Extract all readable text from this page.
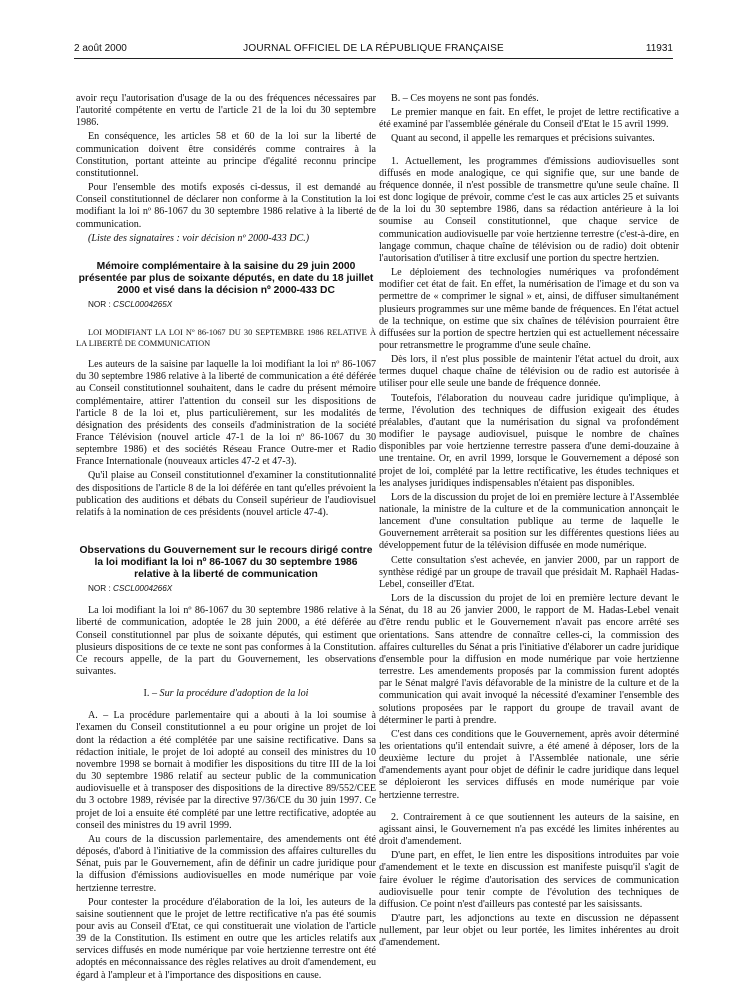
2 août 2000	JOURNAL OFFICIEL DE LA RÉPUBLIQUE FRANÇAISE	11931

avoir reçu l'autorisation d'usage de la ou des fréquences nécessaires par l'autorité compétente en vertu de l'article 21 de la loi du 30 septembre 1986.

En conséquence, les articles 58 et 60 de la loi sur la liberté de communication doivent être considérés comme contraires à la Constitution, portant atteinte au principe d'égalité reconnu principe constitutionnel.

Pour l'ensemble des motifs exposés ci-dessus, il est demandé au Conseil constitutionnel de déclarer non conforme à la Constitution la loi modifiant la loi nº 86-1067 du 30 septembre 1986 relative à la liberté de communication.

(Liste des signataires : voir décision nº 2000-433 DC.)

Mémoire complémentaire à la saisine du 29 juin 2000 présentée par plus de soixante députés, en date du 18 juillet 2000 et visé dans la décision nº 2000-433 DC

NOR : CSCL0004265X

LOI MODIFIANT LA LOI Nº 86-1067 DU 30 SEPTEMBRE 1986 RELATIVE À LA LIBERTÉ DE COMMUNICATION

Les auteurs de la saisine par laquelle la loi modifiant la loi nº 86-1067 du 30 septembre 1986 relative à la liberté de communication a été déférée au Conseil constitutionnel souhaitent, dans le cadre du présent mémoire complémentaire, attirer l'attention du conseil sur les dispositions de l'article 8 de la loi et, plus particulièrement, sur les modalités de désignation des présidents des conseils d'administration de la société France Télévision (nouvel article 47-1 de la loi nº 86-1067 du 30 septembre 1986) et des sociétés Réseau France Outre-mer et Radio France Internationale (nouveaux articles 47-2 et 47-3).

Qu'il plaise au Conseil constitutionnel d'examiner la constitutionnalité des dispositions de l'article 8 de la loi déférée en tant qu'elles prévoient la publication des auditions et débats du Conseil supérieur de l'audiovisuel relatifs à la nomination de ces présidents (nouvel article 47-4).

Observations du Gouvernement sur le recours dirigé contre la loi modifiant la loi nº 86-1067 du 30 septembre 1986 relative à la liberté de communication

NOR : CSCL0004266X

La loi modifiant la loi nº 86-1067 du 30 septembre 1986 relative à la liberté de communication, adoptée le 28 juin 2000, a été déférée au Conseil constitutionnel par plus de soixante députés, qui estiment que plusieurs dispositions de ce texte ne sont pas conformes à la Constitution. Ce recours appelle, de la part du Gouvernement, les observations suivantes.

I. – Sur la procédure d'adoption de la loi

A. – La procédure parlementaire qui a abouti à la loi soumise à l'examen du Conseil constitutionnel a eu pour origine un projet de loi dont la rédaction a été complétée par une saisine rectificative. Dans sa rédaction initiale, le projet de loi adopté au conseil des ministres du 10 novembre 1998 se bornait à modifier les dispositions du titre III de la loi du 30 septembre 1986 relatif au secteur public de la communication audiovisuelle et à transposer des dispositions de la directive 89/552/CEE du 3 octobre 1989, révisée par la directive 97/36/CE du 30 juin 1997. Ce projet de loi a ensuite été complété par une lettre rectificative, adoptée au conseil des ministres du 19 avril 1999.

Au cours de la discussion parlementaire, des amendements ont été déposés, d'abord à l'initiative de la commission des affaires culturelles du Sénat, puis par le Gouvernement, afin de définir un cadre juridique pour la diffusion d'émissions audiovisuelles en mode numérique par voie hertzienne terrestre.

Pour contester la procédure d'élaboration de la loi, les auteurs de la saisine soutiennent que le projet de lettre rectificative n'a pas été soumis pour avis au Conseil d'Etat, ce qui constituerait une violation de l'article 39 de la Constitution. Ils estiment en outre que les articles relatifs aux services diffusés en mode numérique par voie hertzienne terrestre ont été adoptés en méconnaissance des règles relatives au droit d'amendement, eu égard à l'ampleur et à l'importance des dispositions en cause.

B. – Ces moyens ne sont pas fondés.

Le premier manque en fait. En effet, le projet de lettre rectificative a été examiné par l'assemblée générale du Conseil d'Etat le 15 avril 1999.

Quant au second, il appelle les remarques et précisions suivantes.

1. Actuellement, les programmes d'émissions audiovisuelles sont diffusés en mode analogique, ce qui signifie que, sur une bande de fréquence donnée, il n'est possible de transmettre qu'une seule chaîne. Il est donc logique de prévoir, comme c'est le cas aux articles 25 et suivants de la loi du 30 septembre 1986, dans sa rédaction antérieure à la loi soumise au Conseil constitutionnel, que chaque service de communication audiovisuelle par voie hertzienne terrestre (c'est-à-dire, en langage commun, chaque chaîne de télévision ou de radio) doit obtenir l'autorisation d'utiliser à titre exclusif une portion du spectre hertzien.

Le déploiement des technologies numériques va profondément modifier cet état de fait. En effet, la numérisation de l'image et du son va permettre de « comprimer le signal » et, ainsi, de diffuser simultanément plusieurs programmes sur une même bande de fréquences. En l'état actuel de la technique, on estime que six chaînes de télévision pourraient être diffusées sur la portion de spectre hertzien qui est actuellement nécessaire pour retransmettre le programme d'une seule chaîne.

Dès lors, il n'est plus possible de maintenir l'état actuel du droit, aux termes duquel chaque chaîne de télévision ou de radio est autorisée à utiliser pour elle seule une bande de fréquence donnée.

Toutefois, l'élaboration du nouveau cadre juridique qu'implique, à terme, l'évolution des techniques de diffusion exigeait des études préalables, d'autant que la numérisation du signal va profondément modifier le paysage audiovisuel, puisque le nombre de chaînes disponibles par voie hertzienne terrestre passera d'une demi-douzaine à une trentaine. Or, en avril 1999, lorsque le Gouvernement a déposé son projet de loi, complété par la lettre rectificative, les études techniques et les analyses juridiques indispensables n'étaient pas disponibles.

Lors de la discussion du projet de loi en première lecture à l'Assemblée nationale, la ministre de la culture et de la communication annonçait le lancement d'une consultation publique au terme de laquelle le Gouvernement arrêterait sa position sur les différentes questions liées au développement futur de la télévision diffusée en mode numérique.

Cette consultation s'est achevée, en janvier 2000, par un rapport de synthèse rédigé par un groupe de travail que présidait M. Raphaël Hadas-Lebel, conseiller d'Etat.

Lors de la discussion du projet de loi en première lecture devant le Sénat, du 18 au 26 janvier 2000, le rapport de M. Hadas-Lebel venait d'être rendu public et le Gouvernement n'avait pas encore arrêté ses orientations. Sans attendre de connaître celles-ci, la commission des affaires culturelles du Sénat a pris l'initiative d'élaborer un cadre juridique d'ensemble pour la diffusion en mode numérique par voie hertzienne terrestre. Les amendements proposés par la commission furent adoptés par le Sénat malgré l'avis défavorable de la ministre de la culture et de la communication qui avait invoqué la nécessité d'examiner l'ensemble des solutions proposées par le rapport du groupe de travail avant de déterminer le parti à prendre.

C'est dans ces conditions que le Gouvernement, après avoir déterminé les orientations qu'il entendait suivre, a été amené à déposer, lors de la deuxième lecture du projet à l'Assemblée nationale, une série d'amendements ayant pour objet de définir le cadre juridique dans lequel se déploieront les services diffusés en mode numérique par voie hertzienne terrestre.

2. Contrairement à ce que soutiennent les auteurs de la saisine, en agissant ainsi, le Gouvernement n'a pas excédé les limites inhérentes au droit d'amendement.

D'une part, en effet, le lien entre les dispositions introduites par voie d'amendement et le texte en discussion est manifeste puisqu'il s'agit de faire évoluer le régime d'autorisation des services de communication audiovisuelle pour tenir compte de l'évolution des techniques de diffusion. Ce point n'est d'ailleurs pas contesté par les saisissants.

D'autre part, les adjonctions au texte en discussion ne dépassent nullement, par leur objet ou leur portée, les limites inhérentes au droit d'amendement.
